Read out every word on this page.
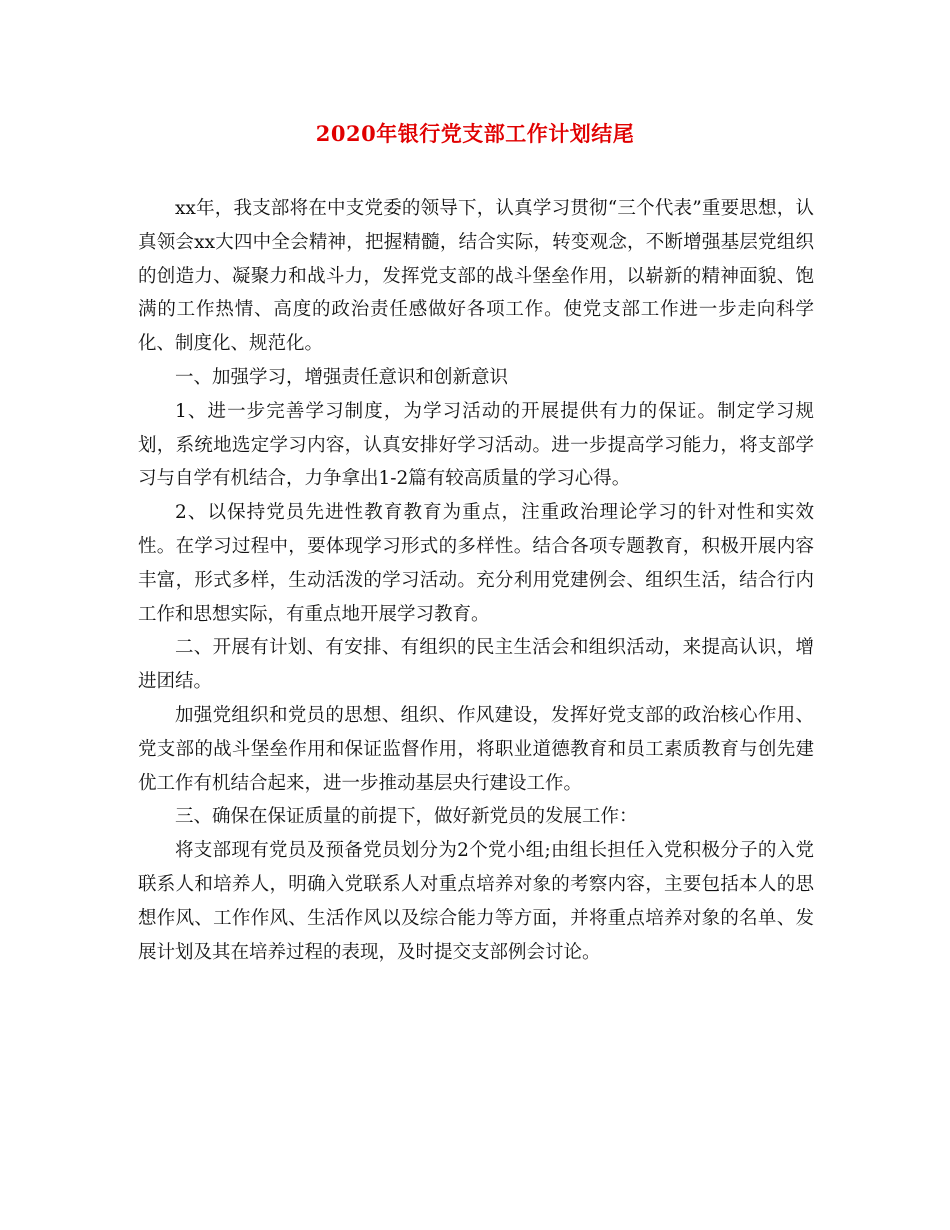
2020年银行党支部工作计划结尾

xx年，我支部将在中支党委的领导下，认真学习贯彻“三个代表”重要思想，认真领会xx大四中全会精神，把握精髓，结合实际，转变观念，不断增强基层党组织的创造力、凝聚力和战斗力，发挥党支部的战斗堡垒作用，以崭新的精神面貌、饱满的工作热情、高度的政治责任感做好各项工作。使党支部工作进一步走向科学化、制度化、规范化。

一、加强学习，增强责任意识和创新意识

1、进一步完善学习制度，为学习活动的开展提供有力的保证。制定学习规划，系统地选定学习内容，认真安排好学习活动。进一步提高学习能力，将支部学习与自学有机结合，力争拿出1-2篇有较高质量的学习心得。

2、以保持党员先进性教育教育为重点，注重政治理论学习的针对性和实效性。在学习过程中，要体现学习形式的多样性。结合各项专题教育，积极开展内容丰富，形式多样，生动活泼的学习活动。充分利用党建例会、组织生活，结合行内工作和思想实际，有重点地开展学习教育。

二、开展有计划、有安排、有组织的民主生活会和组织活动，来提高认识，增进团结。

加强党组织和党员的思想、组织、作风建设，发挥好党支部的政治核心作用、党支部的战斗堡垒作用和保证监督作用，将职业道德教育和员工素质教育与创先建优工作有机结合起来，进一步推动基层央行建设工作。

三、确保在保证质量的前提下，做好新党员的发展工作：

将支部现有党员及预备党员划分为2个党小组;由组长担任入党积极分子的入党联系人和培养人，明确入党联系人对重点培养对象的考察内容，主要包括本人的思想作风、工作作风、生活作风以及综合能力等方面，并将重点培养对象的名单、发展计划及其在培养过程的表现，及时提交支部例会讨论。
